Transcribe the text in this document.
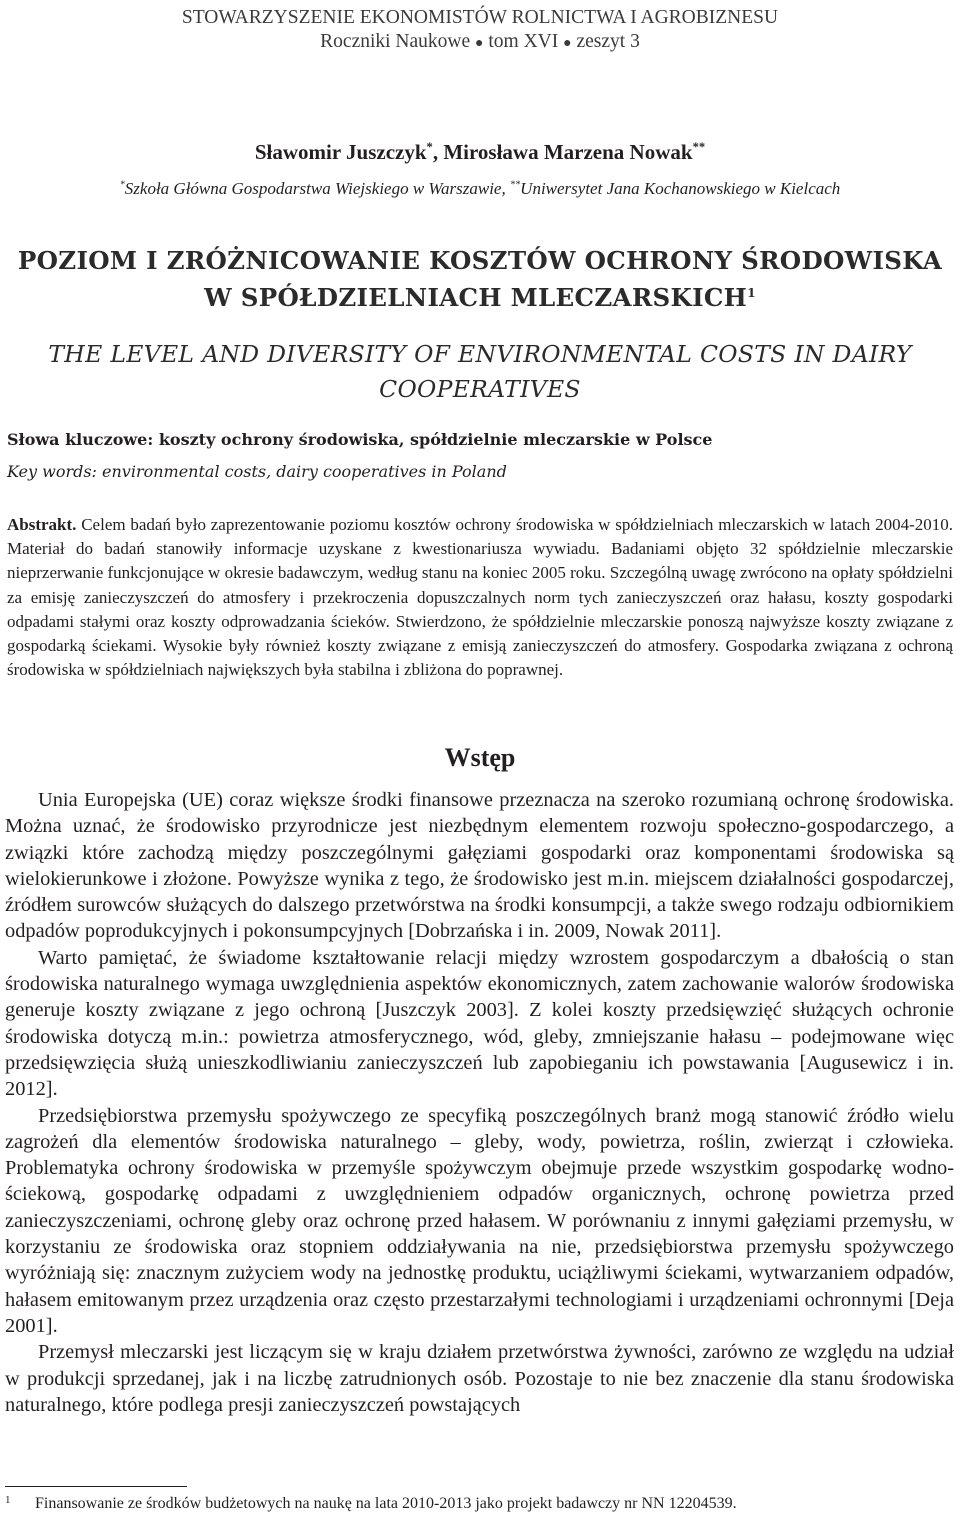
STOWARZYSZENIE EKONOMISTÓW ROLNICTWA I AGROBIZNESU
Roczniki Naukowe ● tom XVI ● zeszyt 3
Sławomir Juszczyk*, Mirosława Marzena Nowak**
*Szkoła Główna Gospodarstwa Wiejskiego w Warszawie, **Uniwersytet Jana Kochanowskiego w Kielcach
POZIOM I ZRÓŻNICOWANIE KOSZTÓW OCHRONY ŚRODOWISKA
W SPÓŁDZIELNIACH MLECZARSKICH$^1$
THE LEVEL AND DIVERSITY OF ENVIRONMENTAL COSTS IN DAIRY
COOPERATIVES
Słowa kluczowe: koszty ochrony środowiska, spółdzielnie mleczarskie w Polsce
Key words: environmental costs, dairy cooperatives in Poland
Abstrakt. Celem badań było zaprezentowanie poziomu kosztów ochrony środowiska w spółdzielniach mleczarskich w latach 2004-2010. Materiał do badań stanowiły informacje uzyskane z kwestionariusza wywiadu. Badaniami objęto 32 spółdzielnie mleczarskie nieprzerwanie funkcjonujące w okresie badawczym, według stanu na koniec 2005 roku. Szczególną uwagę zwrócono na opłaty spółdzielni za emisję zanieczyszczeń do atmosfery i przekroczenia dopuszczalnych norm tych zanieczyszczeń oraz hałasu, koszty gospodarki odpadami stałymi oraz koszty odprowadzania ścieków. Stwierdzono, że spółdzielnie mleczarskie ponoszą najwyższe koszty związane z gospodarką ściekami. Wysokie były również koszty związane z emisją zanieczyszczeń do atmosfery. Gospodarka związana z ochroną środowiska w spółdzielniach największych była stabilna i zbliżona do poprawnej.
Wstęp

Unia Europejska (UE) coraz większe środki finansowe przeznacza na szeroko rozumianą ochronę środowiska. Można uznać, że środowisko przyrodnicze jest niezbędnym elementem rozwoju społeczno-gospodarczego, a związki które zachodzą między poszczególnymi gałęziami gospodarki oraz komponentami środowiska są wielokierunkowe i złożone. Powyższe wynika z tego, że środowisko jest m.in. miejscem działalności gospodarczej, źródłem surowców służących do dalszego przetwórstwa na środki konsumpcji, a także swego rodzaju odbiornikiem odpadów poprodukcyjnych i pokonsumpcyjnych [Dobrzańska i in. 2009, Nowak 2011].

Warto pamiętać, że świadome kształtowanie relacji między wzrostem gospodarczym a dbałością o stan środowiska naturalnego wymaga uwzględnienia aspektów ekonomicznych, zatem zachowanie walorów środowiska generuje koszty związane z jego ochroną [Juszczyk 2003]. Z kolei koszty przedsięwzięć służących ochronie środowiska dotyczą m.in.: powietrza atmosferycznego, wód, gleby, zmniejszanie hałasu – podejmowane więc przedsięwzięcia służą unieszkodliwianiu zanieczyszczeń lub zapobieganiu ich powstawania [Augusewicz i in. 2012].

Przedsiębiorstwa przemysłu spożywczego ze specyfiką poszczególnych branż mogą stanowić źródło wielu zagrożeń dla elementów środowiska naturalnego – gleby, wody, powietrza, roślin, zwierząt i człowieka. Problematyka ochrony środowiska w przemyśle spożywczym obejmuje przede wszystkim gospodarkę wodno-ściekową, gospodarkę odpadami z uwzględnieniem odpadów organicznych, ochronę powietrza przed zanieczyszczeniami, ochronę gleby oraz ochronę przed hałasem. W porównaniu z innymi gałęziami przemysłu, w korzystaniu ze środowiska oraz stopniem oddziaływania na nie, przedsiębiorstwa przemysłu spożywczego wyróżniają się: znacznym zużyciem wody na jednostkę produktu, uciążliwymi ściekami, wytwarzaniem odpadów, hałasem emitowanym przez urządzenia oraz często przestarzałymi technologiami i urządzeniami ochronnymi [Deja 2001].

Przemysł mleczarski jest liczącym się w kraju działem przetwórstwa żywności, zarówno ze względu na udział w produkcji sprzedanej, jak i na liczbę zatrudnionych osób. Pozostaje to nie bez znaczenie dla stanu środowiska naturalnego, które podlega presji zanieczyszczeń powstających

1 Finansowanie ze środków budżetowych na naukę na lata 2010-2013 jako projekt badawczy nr NN 12204539.
